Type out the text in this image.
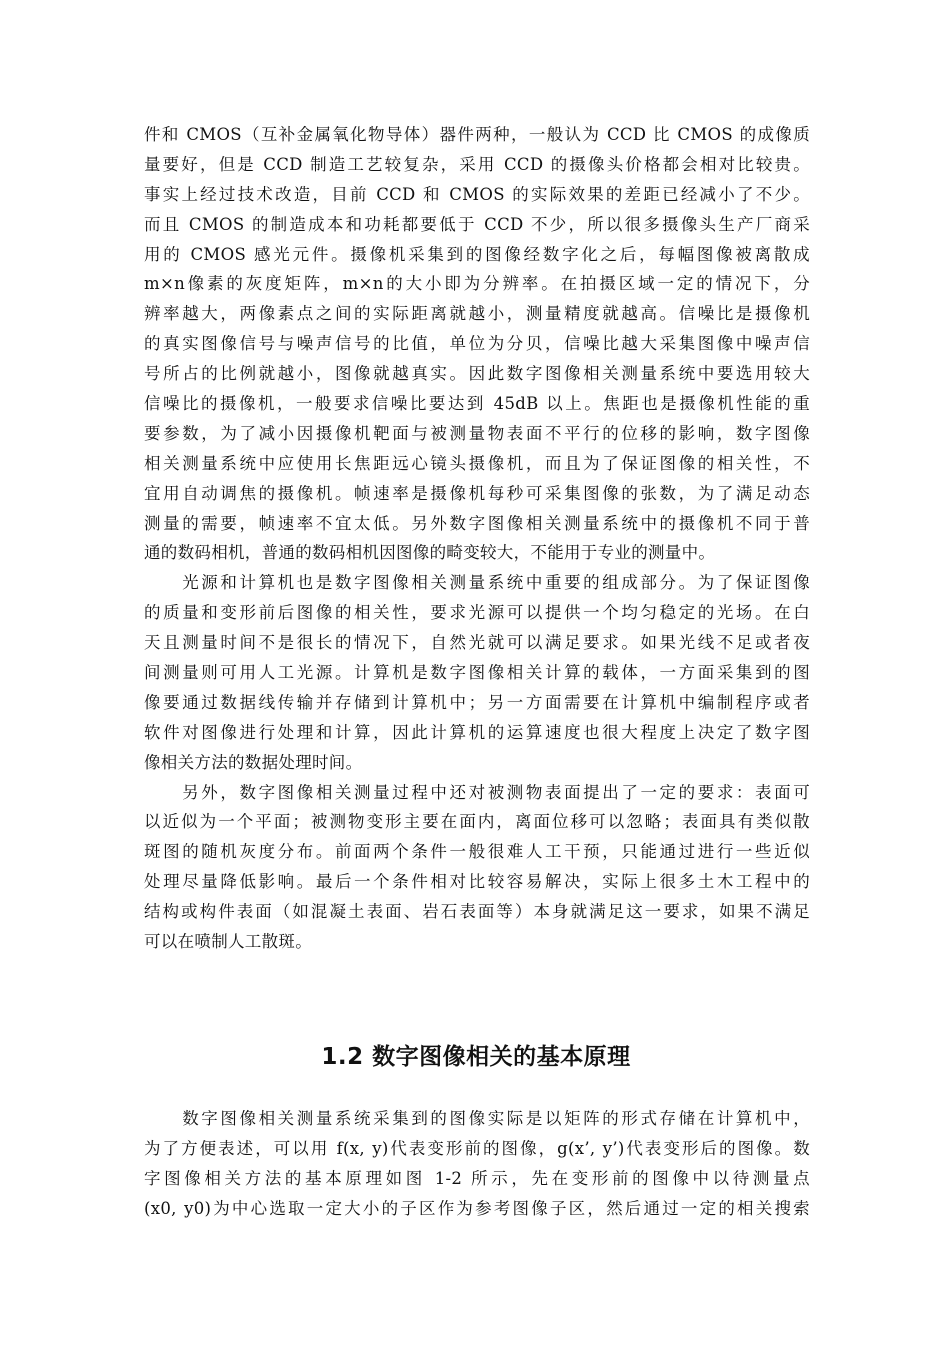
件和 CMOS（互补金属氧化物导体）器件两种，一般认为 CCD 比 CMOS 的成像质
量要好，但是 CCD 制造工艺较复杂，采用 CCD 的摄像头价格都会相对比较贵。
事实上经过技术改造，目前 CCD 和 CMOS 的实际效果的差距已经减小了不少。
而且 CMOS 的制造成本和功耗都要低于 CCD 不少，所以很多摄像头生产厂商采
用的 CMOS 感光元件。摄像机采集到的图像经数字化之后，每幅图像被离散成
m×n像素的灰度矩阵，m×n的大小即为分辨率。在拍摄区域一定的情况下，分
辨率越大，两像素点之间的实际距离就越小，测量精度就越高。信噪比是摄像机
的真实图像信号与噪声信号的比值，单位为分贝，信噪比越大采集图像中噪声信
号所占的比例就越小，图像就越真实。因此数字图像相关测量系统中要选用较大
信噪比的摄像机，一般要求信噪比要达到 45dB 以上。焦距也是摄像机性能的重
要参数，为了减小因摄像机靶面与被测量物表面不平行的位移的影响，数字图像
相关测量系统中应使用长焦距远心镜头摄像机，而且为了保证图像的相关性，不
宜用自动调焦的摄像机。帧速率是摄像机每秒可采集图像的张数，为了满足动态
测量的需要，帧速率不宜太低。另外数字图像相关测量系统中的摄像机不同于普
通的数码相机，普通的数码相机因图像的畸变较大，不能用于专业的测量中。
　　光源和计算机也是数字图像相关测量系统中重要的组成部分。为了保证图像
的质量和变形前后图像的相关性，要求光源可以提供一个均匀稳定的光场。在白
天且测量时间不是很长的情况下，自然光就可以满足要求。如果光线不足或者夜
间测量则可用人工光源。计算机是数字图像相关计算的载体，一方面采集到的图
像要通过数据线传输并存储到计算机中；另一方面需要在计算机中编制程序或者
软件对图像进行处理和计算，因此计算机的运算速度也很大程度上决定了数字图
像相关方法的数据处理时间。
　　另外，数字图像相关测量过程中还对被测物表面提出了一定的要求：表面可
以近似为一个平面；被测物变形主要在面内，离面位移可以忽略；表面具有类似散
斑图的随机灰度分布。前面两个条件一般很难人工干预，只能通过进行一些近似
处理尽量降低影响。最后一个条件相对比较容易解决，实际上很多土木工程中的
结构或构件表面（如混凝土表面、岩石表面等）本身就满足这一要求，如果不满足
可以在喷制人工散斑。
1.2 数字图像相关的基本原理
　　数字图像相关测量系统采集到的图像实际是以矩阵的形式存储在计算机中，
为了方便表述，可以用 f(x, y)代表变形前的图像，g(x’, y’)代表变形后的图像。数
字图像相关方法的基本原理如图 1-2 所示，先在变形前的图像中以待测量点
(x0, y0)为中心选取一定大小的子区作为参考图像子区，然后通过一定的相关搜索
